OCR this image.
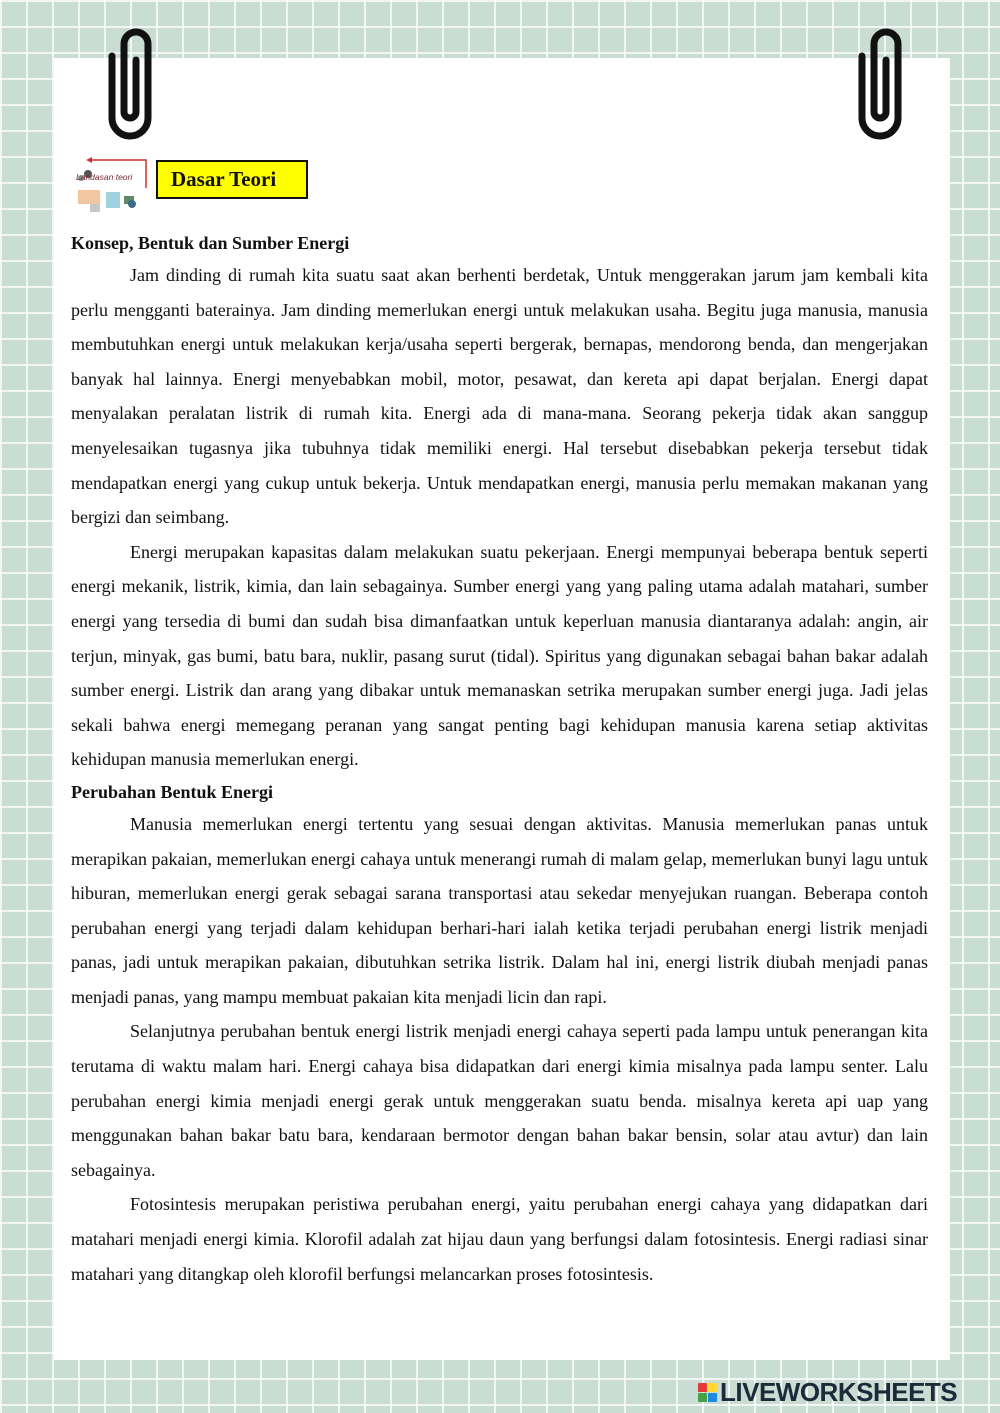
Landasan teori	Dasar Teori

Konsep, Bentuk dan Sumber Energi

Jam dinding di rumah kita suatu saat akan berhenti berdetak, Untuk menggerakan jarum jam kembali kita perlu mengganti baterainya. Jam dinding memerlukan energi untuk melakukan usaha. Begitu juga manusia, manusia membutuhkan energi untuk melakukan kerja/usaha seperti bergerak, bernapas, mendorong benda, dan mengerjakan banyak hal lainnya. Energi menyebabkan mobil, motor, pesawat, dan kereta api dapat berjalan. Energi dapat menyalakan peralatan listrik di rumah kita. Energi ada di mana-mana. Seorang pekerja tidak akan sanggup menyelesaikan tugasnya jika tubuhnya tidak memiliki energi. Hal tersebut disebabkan pekerja tersebut tidak mendapatkan energi yang cukup untuk bekerja. Untuk mendapatkan energi, manusia perlu memakan makanan yang bergizi dan seimbang.

Energi merupakan kapasitas dalam melakukan suatu pekerjaan. Energi mempunyai beberapa bentuk seperti energi mekanik, listrik, kimia, dan lain sebagainya. Sumber energi yang yang paling utama adalah matahari, sumber energi yang tersedia di bumi dan sudah bisa dimanfaatkan untuk keperluan manusia diantaranya adalah: angin, air terjun, minyak, gas bumi, batu bara, nuklir, pasang surut (tidal). Spiritus yang digunakan sebagai bahan bakar adalah sumber energi. Listrik dan arang yang dibakar untuk memanaskan setrika merupakan sumber energi juga. Jadi jelas sekali bahwa energi memegang peranan yang sangat penting bagi kehidupan manusia karena setiap aktivitas kehidupan manusia memerlukan energi.

Perubahan Bentuk Energi

Manusia memerlukan energi tertentu yang sesuai dengan aktivitas. Manusia memerlukan panas untuk merapikan pakaian, memerlukan energi cahaya untuk menerangi rumah di malam gelap, memerlukan bunyi lagu untuk hiburan, memerlukan energi gerak sebagai sarana transportasi atau sekedar menyejukan ruangan. Beberapa contoh perubahan energi yang terjadi dalam kehidupan berhari-hari ialah ketika terjadi perubahan energi listrik menjadi panas, jadi untuk merapikan pakaian, dibutuhkan setrika listrik. Dalam hal ini, energi listrik diubah menjadi panas menjadi panas, yang mampu membuat pakaian kita menjadi licin dan rapi.

Selanjutnya perubahan bentuk energi listrik menjadi energi cahaya seperti pada lampu untuk penerangan kita terutama di waktu malam hari. Energi cahaya bisa didapatkan dari energi kimia misalnya pada lampu senter. Lalu perubahan energi kimia menjadi energi gerak untuk menggerakan suatu benda. misalnya kereta api uap yang menggunakan bahan bakar batu bara, kendaraan bermotor dengan bahan bakar bensin, solar atau avtur) dan lain sebagainya.

Fotosintesis merupakan peristiwa perubahan energi, yaitu perubahan energi cahaya yang didapatkan dari matahari menjadi energi kimia. Klorofil adalah zat hijau daun yang berfungsi dalam fotosintesis. Energi radiasi sinar matahari yang ditangkap oleh klorofil berfungsi melancarkan proses fotosintesis.

LIVEWORKSHEETS
